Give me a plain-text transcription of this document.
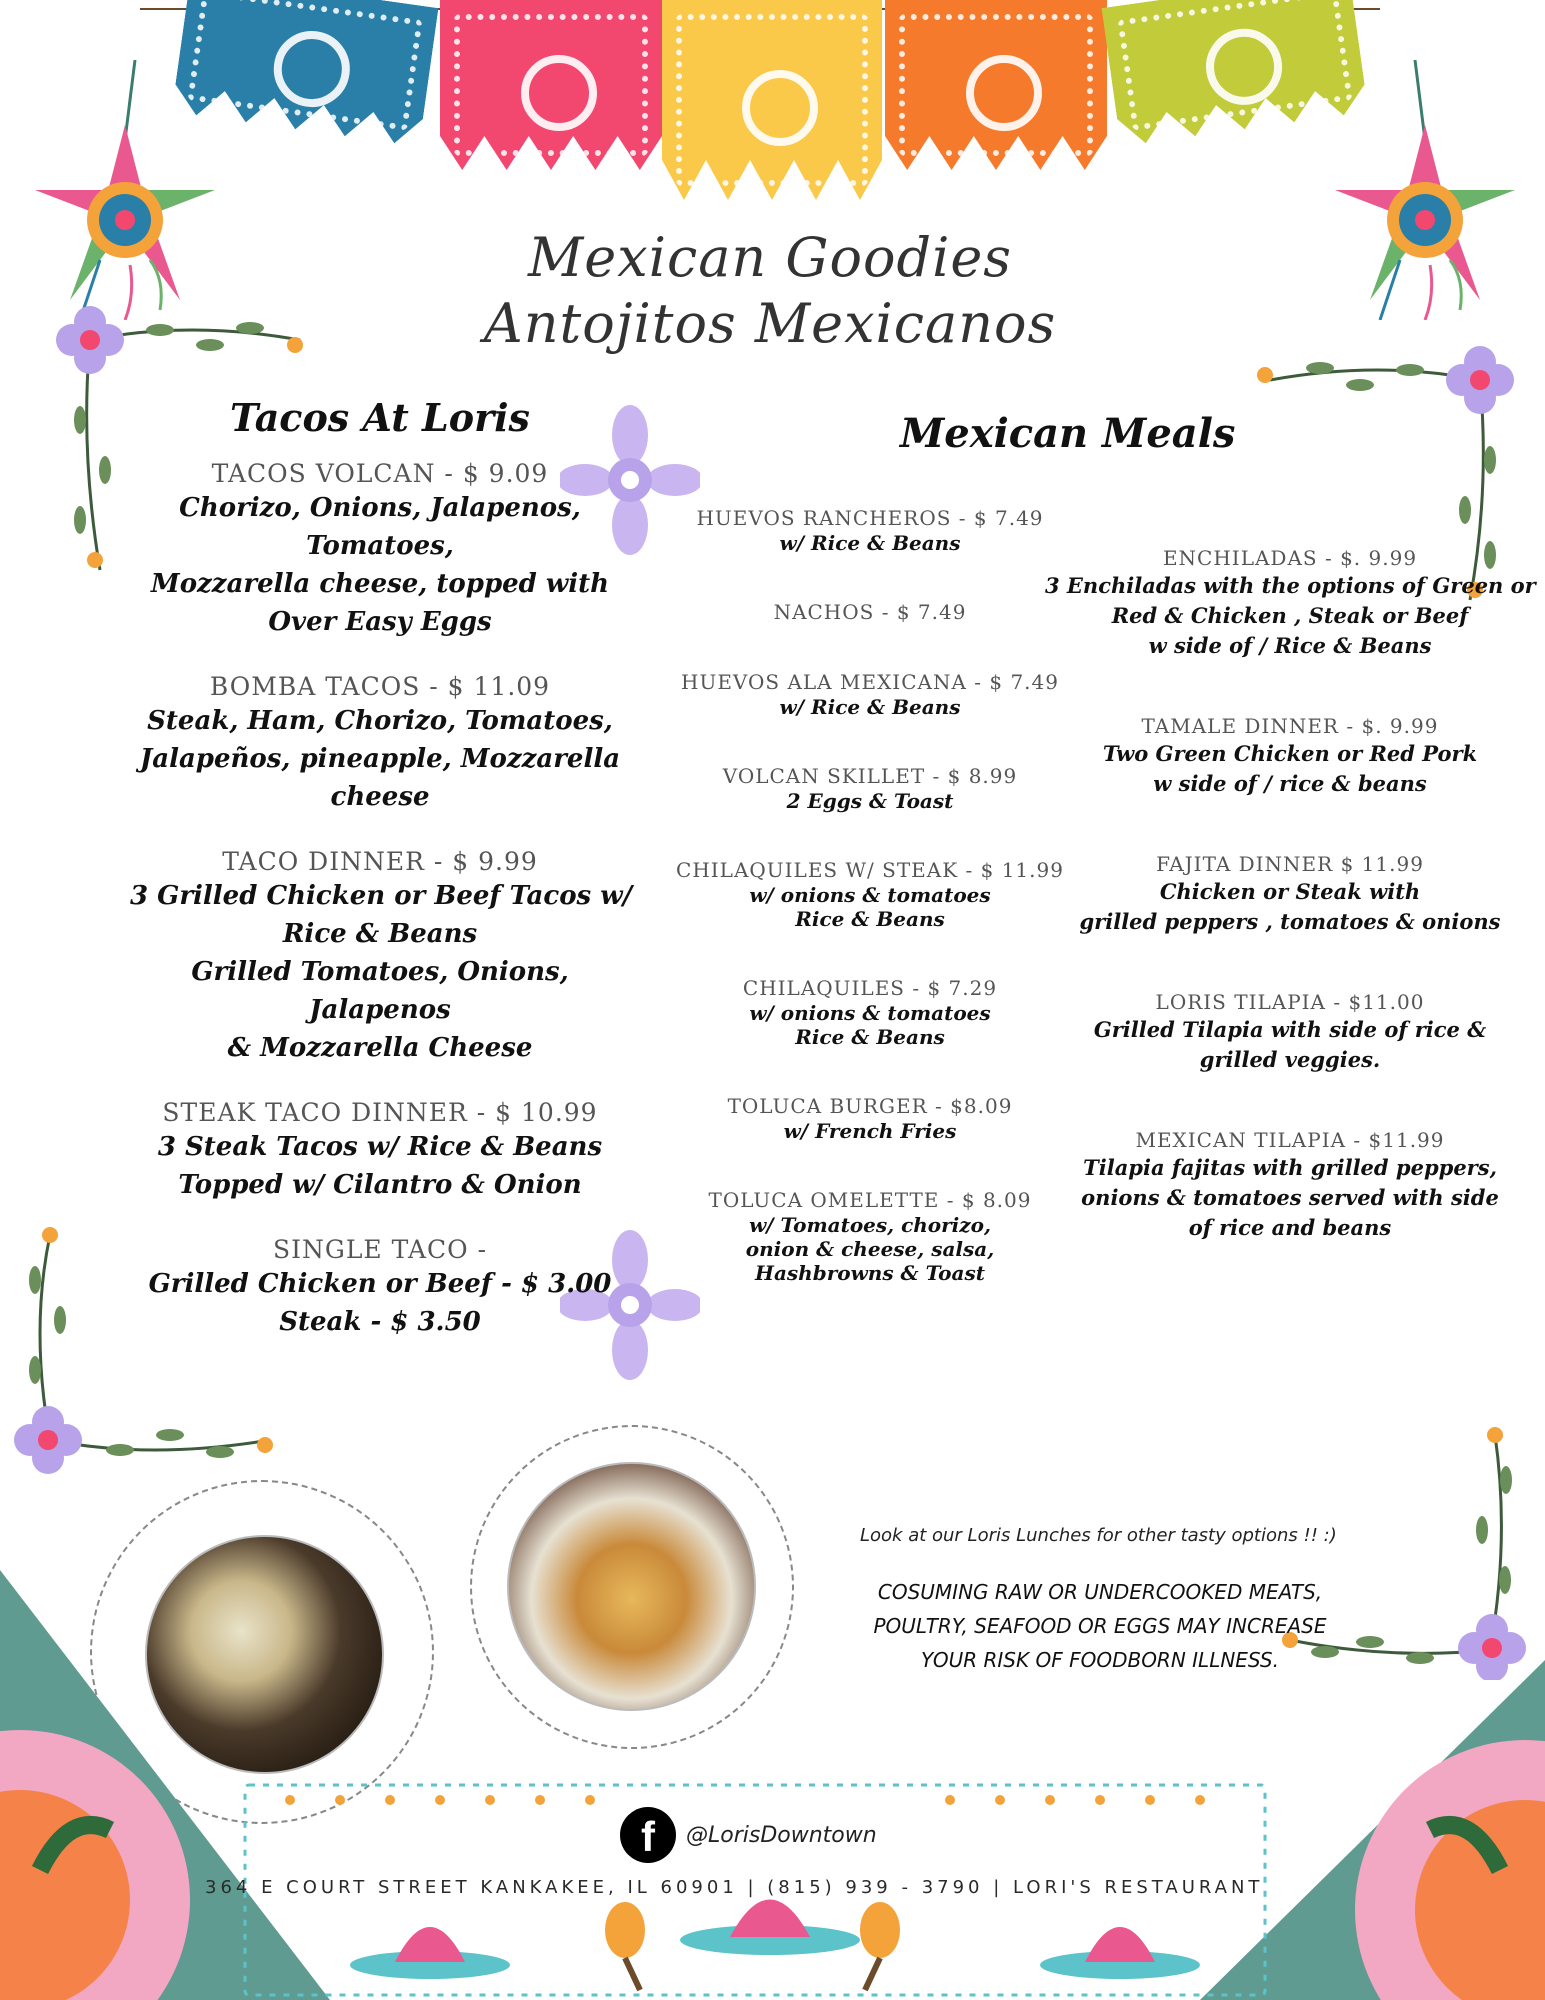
Mexican Goodies
Antojitos Mexicanos
Tacos At Loris
TACOS VOLCAN - $ 9.09
Chorizo, Onions, Jalapenos,
Tomatoes,
Mozzarella cheese, topped with
Over Easy Eggs
BOMBA TACOS - $ 11.09
Steak, Ham, Chorizo, Tomatoes,
Jalapeños, pineapple, Mozzarella
cheese
TACO DINNER - $ 9.99
3 Grilled Chicken or Beef Tacos w/
Rice & Beans
Grilled Tomatoes, Onions,
Jalapenos
& Mozzarella Cheese
STEAK TACO DINNER - $ 10.99
3 Steak Tacos w/ Rice & Beans
Topped w/ Cilantro & Onion
SINGLE TACO -
Grilled Chicken or Beef - $ 3.00
Steak - $ 3.50
Mexican Meals
HUEVOS RANCHEROS - $ 7.49
w/ Rice & Beans
NACHOS - $ 7.49
HUEVOS ALA MEXICANA - $ 7.49
w/ Rice & Beans
VOLCAN SKILLET - $ 8.99
2 Eggs & Toast
CHILAQUILES W/ STEAK - $ 11.99
w/ onions & tomatoes
Rice & Beans
CHILAQUILES - $ 7.29
w/ onions & tomatoes
Rice & Beans
TOLUCA BURGER - $8.09
w/ French Fries
TOLUCA OMELETTE - $ 8.09
w/ Tomatoes, chorizo,
onion & cheese, salsa,
Hashbrowns & Toast
ENCHILADAS - $. 9.99
3 Enchiladas with the options of Green or
Red & Chicken , Steak or Beef
w side of / Rice & Beans
TAMALE DINNER - $. 9.99
Two Green Chicken or Red Pork
w side of / rice & beans
FAJITA DINNER $ 11.99
Chicken or Steak with
grilled peppers , tomatoes & onions
LORIS TILAPIA - $11.00
Grilled Tilapia with side of rice &
grilled veggies.
MEXICAN TILAPIA - $11.99
Tilapia fajitas with grilled peppers,
onions & tomatoes served with side
of rice and beans
Look at our Loris Lunches for other tasty options !! :)
COSUMING RAW OR UNDERCOOKED MEATS,
POULTRY, SEAFOOD OR EGGS MAY INCREASE
YOUR RISK OF FOODBORN ILLNESS.
f	@LorisDowntown
364 E COURT STREET KANKAKEE, IL 60901 | (815) 939 - 3790 | LORI'S RESTAURANT
